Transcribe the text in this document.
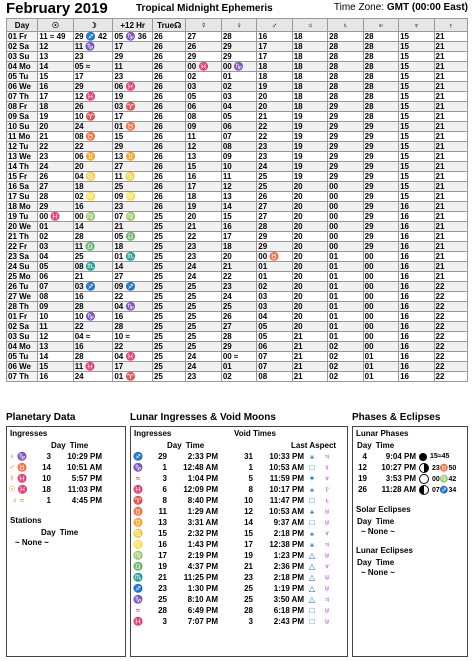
February 2019	Tropical Midnight Ephemeris	Time Zone: GMT (00:00 East)
Day	☉	☽	+12 Hr	True☊	☿	♀	♂	♃	♄	♅	♆	♇
01 Fr	11 ≈ 49	29 ♐ 42	05 ♑ 36	26	27	28	16	18	28	28	15	21
02 Sa	12	11 ♑	17	26	26	29	17	18	28	28	15	21
03 Su	13	23	29	26	29	29	17	18	28	28	15	21
04 Mo	14	05 ≈	11	26	00 ♓	00 ♑	18	18	28	28	15	21
05 Tu	15	17	23	26	02	01	18	18	28	28	15	21
06 We	16	29	06 ♓	26	03	02	19	18	28	28	15	21
07 Th	17	12 ♓	19	26	05	03	20	18	28	28	15	21
08 Fr	18	26	03 ♈	26	06	04	20	18	29	28	15	21
09 Sa	19	10 ♈	17	26	08	05	21	19	29	28	15	21
10 Su	20	24	01 ♉	26	09	06	22	19	29	29	15	21
11 Mo	21	08 ♉	15	26	11	07	22	19	29	29	15	21
12 Tu	22	22	29	26	12	08	23	19	29	29	15	21
13 We	23	06 ♊	13 ♊	26	13	09	23	19	29	29	15	21
14 Th	24	20	27	26	15	10	24	19	29	29	15	21
15 Fr	26	04 ♋	11 ♋	26	16	11	25	19	29	29	15	21
16 Sa	27	18	25	26	17	12	25	20	00	29	15	21
17 Su	28	02 ♌	09 ♌	26	18	13	26	20	00	29	15	21
18 Mo	29	16	23	26	19	14	27	20	00	29	16	21
19 Tu	00 ♓	00 ♍	07 ♍	25	20	15	27	20	00	29	16	21
20 We	01	14	21	25	21	16	28	20	00	29	16	21
21 Th	02	28	05 ♎	25	22	17	29	20	00	29	16	21
22 Fr	03	11 ♎	18	25	23	18	29	20	00	29	16	21
23 Sa	04	25	01 ♏	25	23	20	00 ♉	20	01	00	16	21
24 Su	05	08 ♏	14	25	24	21	01	20	01	00	16	21
25 Mo	06	21	27	25	24	22	01	20	01	00	16	21
26 Tu	07	03 ♐	09 ♐	25	25	23	02	20	01	00	16	22
27 We	08	16	22	25	25	24	03	20	01	00	16	22
28 Th	09	28	04 ♑	25	25	25	03	20	01	00	16	22
01 Fr	10	10 ♑	16	25	25	26	04	20	01	00	16	22
02 Sa	11	22	28	25	25	27	05	20	01	00	16	22
03 Su	12	04 ≈	10 ≈	25	25	28	05	21	01	00	16	22
04 Mo	13	16	22	25	25	29	06	21	02	00	16	22
05 Tu	14	28	04 ♓	25	24	00 ≈	07	21	02	01	16	22
06 We	15	11 ♓	17	25	24	01	07	21	02	01	16	22
07 Th	16	24	01 ♈	25	23	02	08	21	02	01	16	22
Planetary Data
Ingresses
Day Time
♀ ♑	3	10:29 PM
♂ ♉	14	10:51 AM
☿ ♓	10	5:57 PM
☉ ♓	18	11:03 PM
♀ ≈	1	4:45 PM
Stations
Day Time
~ None ~
Lunar Ingresses & Void Moons
Ingresses
Day Time
♐	29	2:33 PM
♑	1	12:48 AM
≈	3	1:04 PM
♓	6	12:09 PM
♈	8	8:40 PM
♉	11	1:29 AM
♊	13	3:31 AM
♋	15	2:32 PM
♌	16	1:43 PM
♍	17	2:19 PM
♎	19	4:37 PM
♏	21	11:25 PM
♐	23	1:30 PM
♑	25	8:10 AM
≈	28	6:49 PM
♓	3	7:07 PM
Void Times
Last Aspect
31	10:33 PM ⚹	♃
1	10:53 AM □	♀
5	11:59 PM ✶	♆
8	10:17 PM ⚹	♇
10	11:47 PM □	♄
12	10:53 AM ⚹	♅
14	9:37 AM □	♅
15	2:18 PM ⚹	♆
17	12:38 PM ⚹	♃
19	1:23 PM △	♅
21	2:36 PM △	♆
23	2:18 PM △	♅
25	1:19 PM △	♅
25	3:50 AM △	♃
28	6:18 PM □	♅
3	2:43 PM □	♅
Phases & Eclipses
Lunar Phases
Day Time
4	9:04 PM 15≈45
12	10:27 PM 23♉50
19	3:53 PM 00♍42
26	11:28 AM 07♐34
Solar Eclipses
Day Time
~ None ~
Lunar Eclipses
Day Time
~ None ~
